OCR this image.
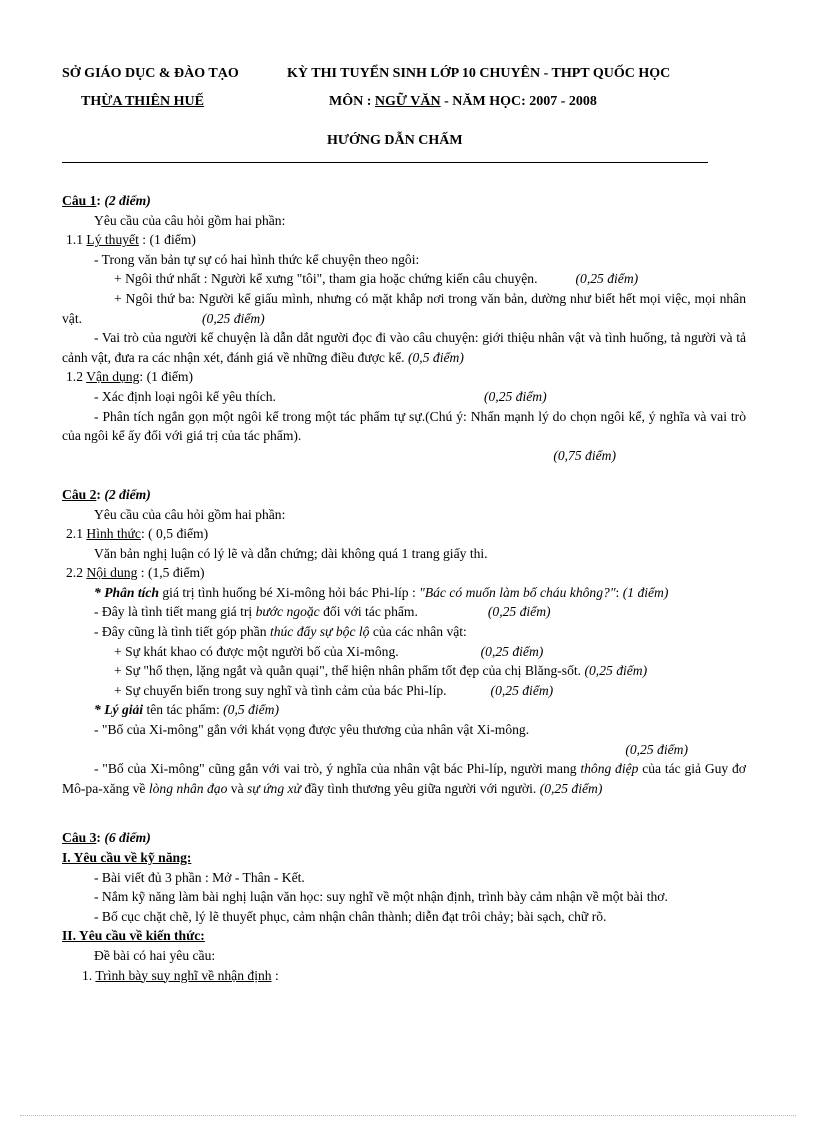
SỞ GIÁO DỤC & ĐÀO TẠO
THỪA THIÊN HUẾ
KỲ THI TUYỂN SINH LỚP 10 CHUYÊN - THPT QUỐC HỌC
MÔN : NGỮ VĂN - NĂM HỌC: 2007 - 2008
HƯỚNG DẪN CHẤM

Câu 1: (2 điểm)

Yêu cầu của câu hỏi gồm hai phần:

1.1 Lý thuyết : (1 điểm)

- Trong văn bản tự sự có hai hình thức kể chuyện theo ngôi:

+ Ngôi thứ nhất : Người kể xưng "tôi", tham gia hoặc chứng kiến câu chuyện.	(0,25 điểm)

+ Ngôi thứ ba: Người kể giấu mình, nhưng có mặt khắp nơi trong văn bản, dường như biết hết mọi việc, mọi nhân vật.	(0,25 điểm)

- Vai trò của người kể chuyện là dẫn dắt người đọc đi vào câu chuyện: giới thiệu nhân vật và tình huống, tả người và tả cảnh vật, đưa ra các nhận xét, đánh giá về những điều được kể. (0,5 điểm)

1.2 Vận dụng: (1 điểm)

- Xác định loại ngôi kể yêu thích.	(0,25 điểm)

- Phân tích ngắn gọn một ngôi kể trong một tác phẩm tự sự.(Chú ý: Nhấn mạnh lý do chọn ngôi kể, ý nghĩa và vai trò của ngôi kể ấy đối với giá trị của tác phẩm).

(0,75 điểm)

Câu 2: (2 điểm)

Yêu cầu của câu hỏi gồm hai phần:

2.1 Hình thức: ( 0,5 điểm)

Văn bản nghị luận có lý lẽ và dẫn chứng; dài không quá 1 trang giấy thi.

2.2 Nội dung : (1,5 điểm)

* Phân tích giá trị tình huống bé Xi-mông hỏi bác Phi-líp : "Bác có muốn làm bố cháu không?": (1 điểm)

- Đây là tình tiết mang giá trị bước ngoặc đối với tác phẩm.	(0,25 điểm)

- Đây cũng là tình tiết góp phần thúc đẩy sự bộc lộ của các nhân vật:

+ Sự khát khao có được một người bố của Xi-mông.	(0,25 điểm)

+ Sự "hổ thẹn, lặng ngắt và quằn quại", thể hiện nhân phẩm tốt đẹp của chị Blăng-sốt. (0,25 điểm)

+ Sự chuyển biến trong suy nghĩ và tình cảm của bác Phi-líp.	(0,25 điểm)

* Lý giải tên tác phẩm: (0,5 điểm)

- "Bố của Xi-mông" gắn với khát vọng được yêu thương của nhân vật Xi-mông.

(0,25 điểm)

- "Bố của Xi-mông" cũng gắn với vai trò, ý nghĩa của nhân vật bác Phi-líp, người mang thông điệp của tác giả Guy đơ Mô-pa-xăng về lòng nhân đạo và sự ứng xử đầy tình thương yêu giữa người với người. (0,25 điểm)

Câu 3: (6 điểm)

I. Yêu cầu về kỹ năng:

- Bài viết đủ 3 phần : Mở - Thân - Kết.

- Nắm kỹ năng làm bài nghị luận văn học: suy nghĩ về một nhận định, trình bày cảm nhận về một bài thơ.

- Bố cục chặt chẽ, lý lẽ thuyết phục, cảm nhận chân thành; diễn đạt trôi chảy; bài sạch, chữ rõ.

II. Yêu cầu về kiến thức:

Đề bài có hai yêu cầu:

1. Trình bày suy nghĩ về nhận định :
